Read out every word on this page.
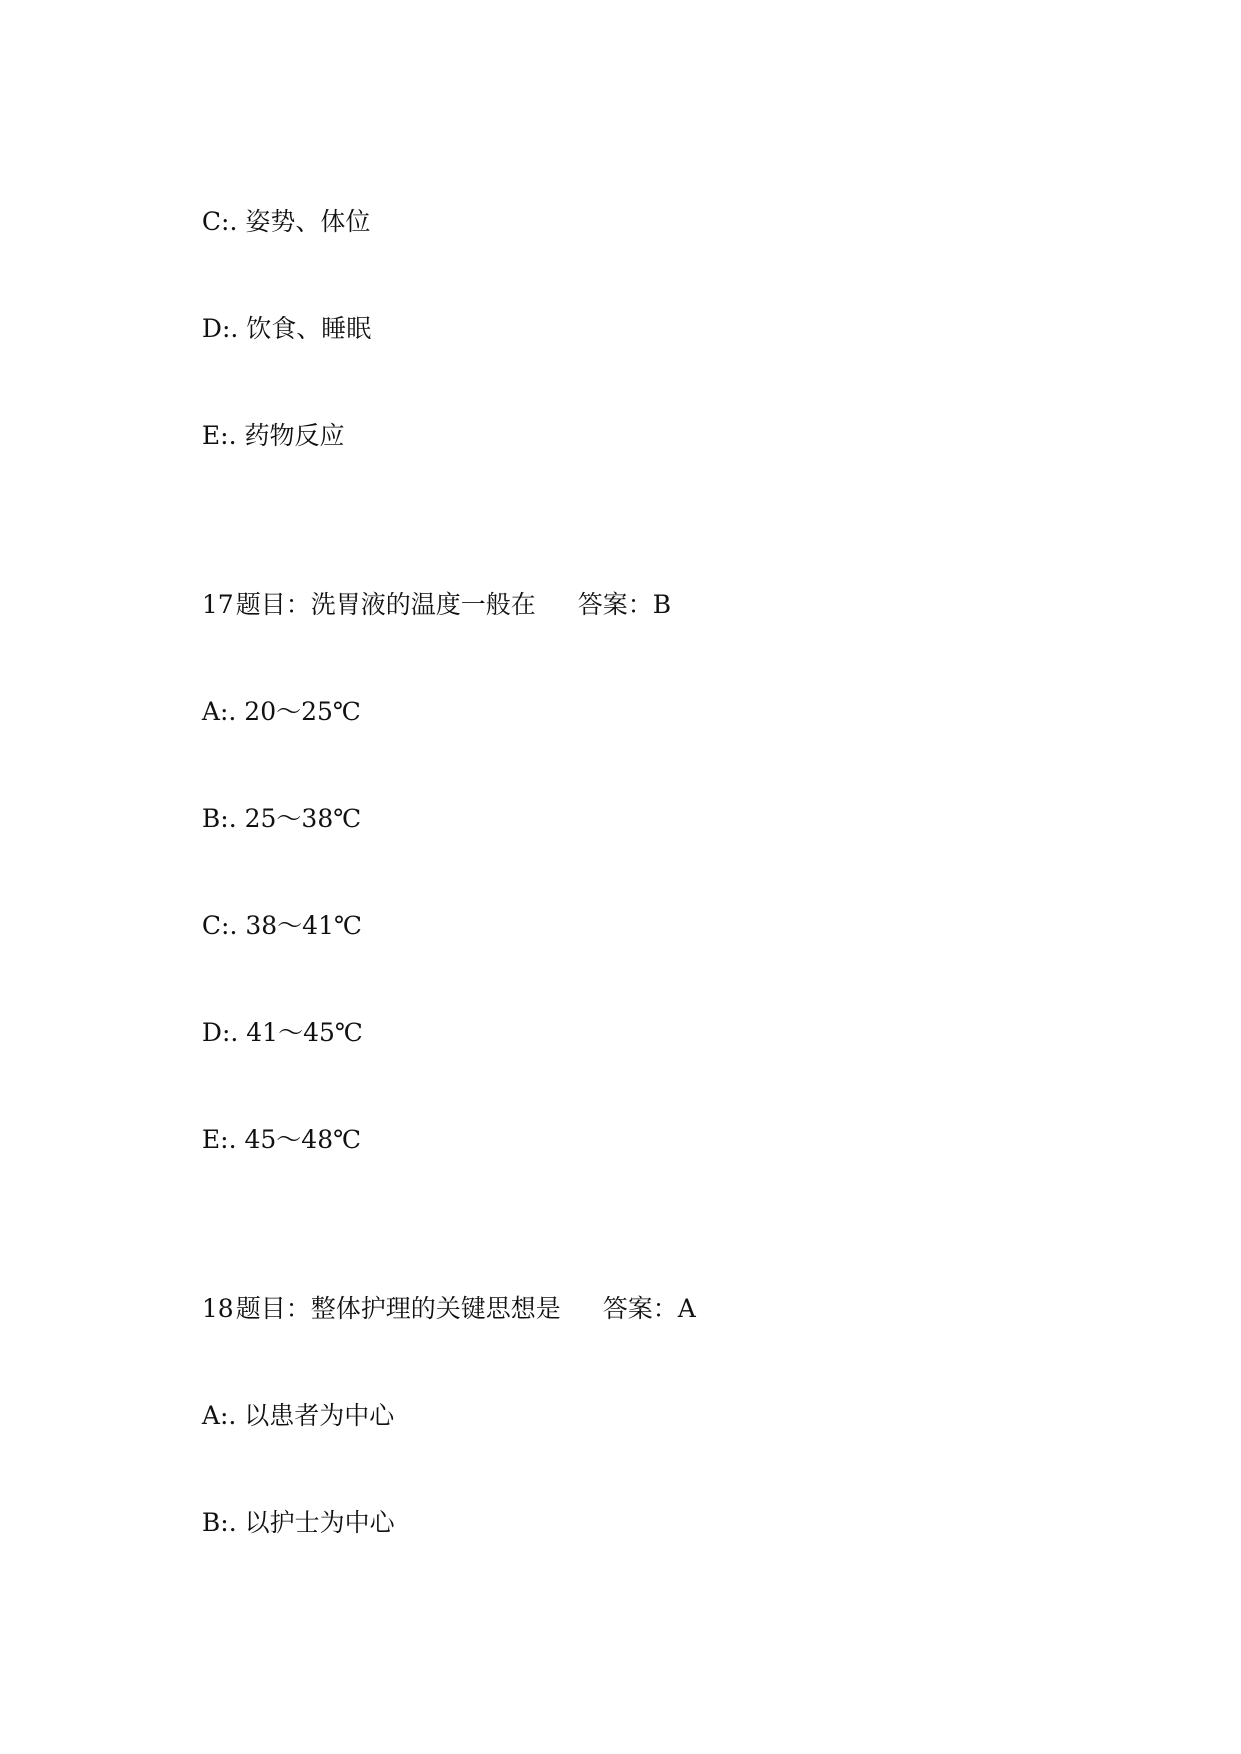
C:. 姿势、体位

D:. 饮食、睡眠

E:. 药物反应

17题目：洗胃液的温度一般在 答案：B

A:. 20～25℃

B:. 25～38℃

C:. 38～41℃

D:. 41～45℃

E:. 45～48℃

18题目：整体护理的关键思想是 答案：A

A:. 以患者为中心

B:. 以护士为中心
